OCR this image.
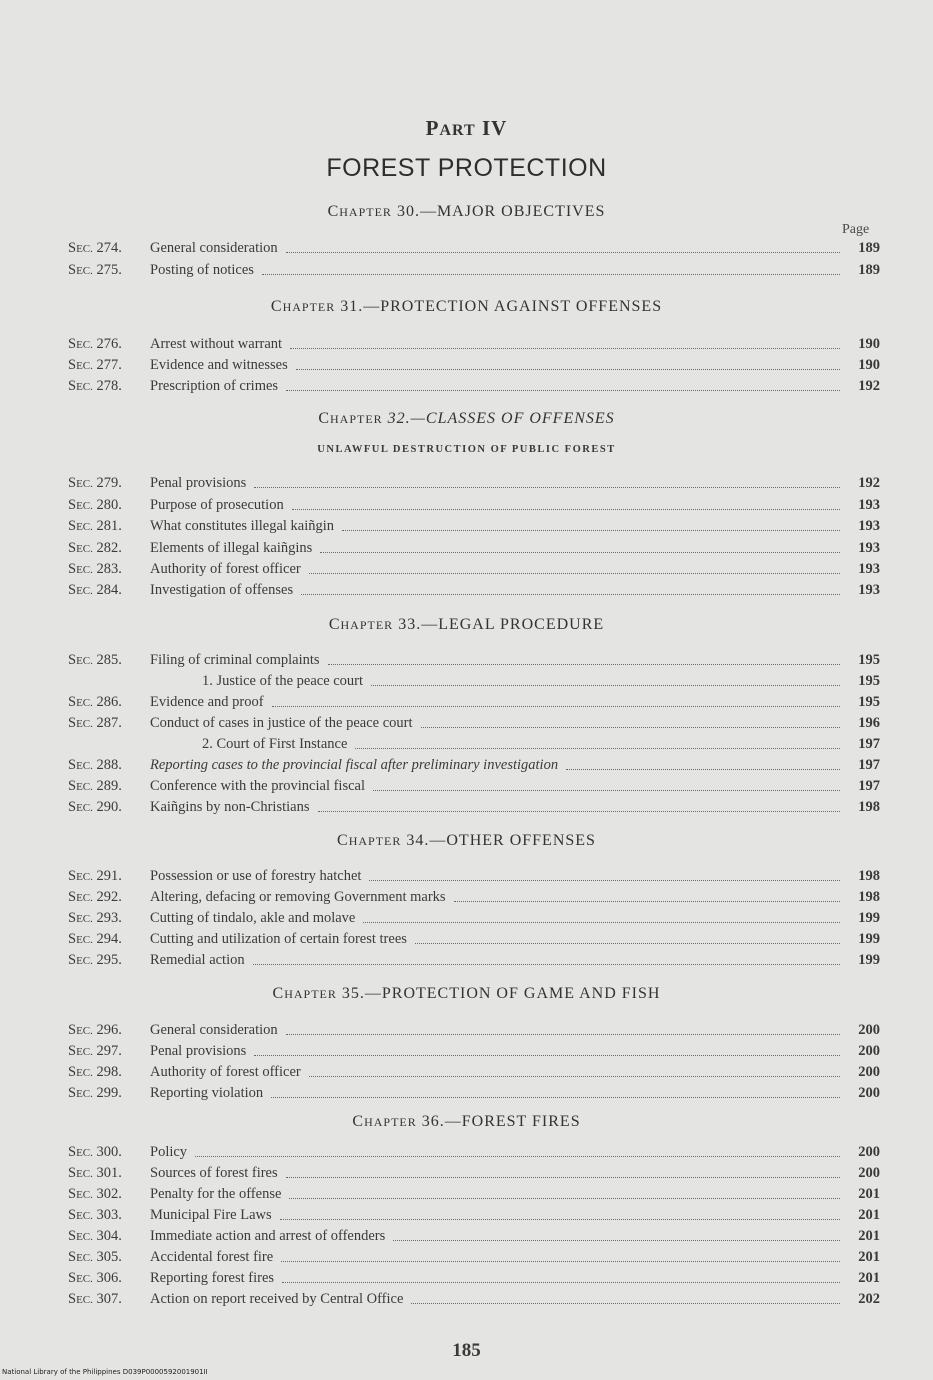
PART IV
FOREST PROTECTION
Page
CHAPTER 30.—MAJOR OBJECTIVES
SEC. 274.	General consideration	189
SEC. 275.	Posting of notices	189
CHAPTER 31.—PROTECTION AGAINST OFFENSES
SEC. 276.	Arrest without warrant	190
SEC. 277.	Evidence and witnesses	190
SEC. 278.	Prescription of crimes	192
CHAPTER 32.—CLASSES OF OFFENSES
UNLAWFUL DESTRUCTION OF PUBLIC FOREST
SEC. 279.	Penal provisions	192
SEC. 280.	Purpose of prosecution	193
SEC. 281.	What constitutes illegal kaiñgin	193
SEC. 282.	Elements of illegal kaiñgins	193
SEC. 283.	Authority of forest officer	193
SEC. 284.	Investigation of offenses	193
CHAPTER 33.—LEGAL PROCEDURE
SEC. 285.	Filing of criminal complaints	195
1. Justice of the peace court	195
SEC. 286.	Evidence and proof	195
SEC. 287.	Conduct of cases in justice of the peace court	196
2. Court of First Instance	197
SEC. 288.	Reporting cases to the provincial fiscal after preliminary investigation	197
SEC. 289.	Conference with the provincial fiscal	197
SEC. 290.	Kaiñgins by non-Christians	198
CHAPTER 34.—OTHER OFFENSES
SEC. 291.	Possession or use of forestry hatchet	198
SEC. 292.	Altering, defacing or removing Government marks	198
SEC. 293.	Cutting of tindalo, akle and molave	199
SEC. 294.	Cutting and utilization of certain forest trees	199
SEC. 295.	Remedial action	199
CHAPTER 35.—PROTECTION OF GAME AND FISH
SEC. 296.	General consideration	200
SEC. 297.	Penal provisions	200
SEC. 298.	Authority of forest officer	200
SEC. 299.	Reporting violation	200
CHAPTER 36.—FOREST FIRES
SEC. 300.	Policy	200
SEC. 301.	Sources of forest fires	200
SEC. 302.	Penalty for the offense	201
SEC. 303.	Municipal Fire Laws	201
SEC. 304.	Immediate action and arrest of offenders	201
SEC. 305.	Accidental forest fire	201
SEC. 306.	Reporting forest fires	201
SEC. 307.	Action on report received by Central Office	202
185
National Library of the Philippines D039P0000592001901II
